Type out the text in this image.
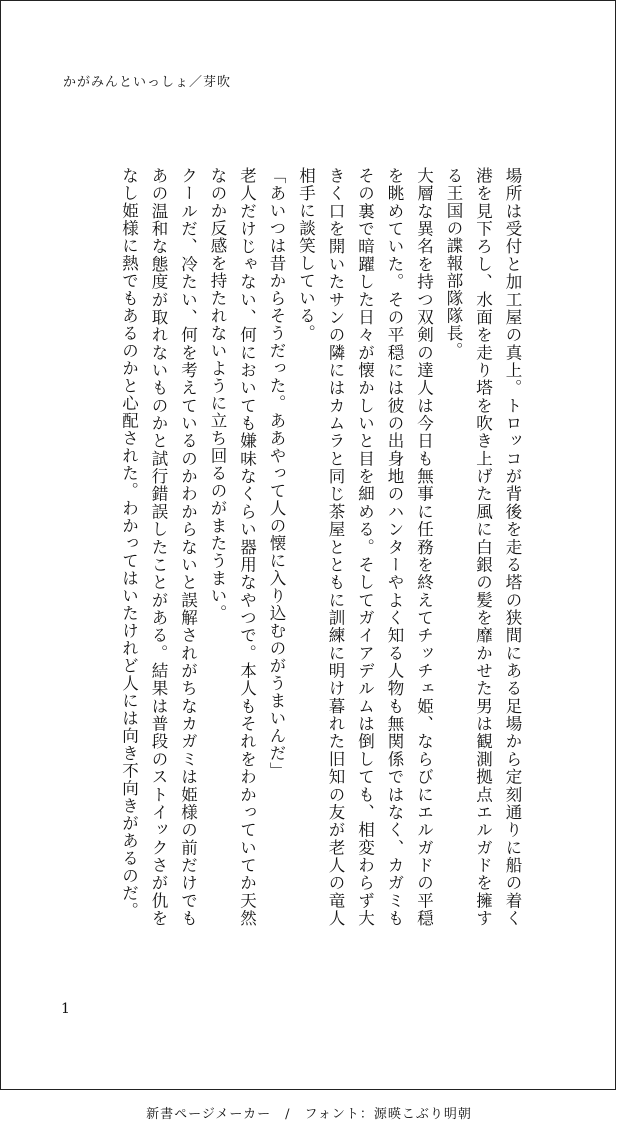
かがみんといっしょ／芽吹

場所は受付と加工屋の真上。トロッコが背後を走る塔の狭間にある足場から定刻通りに船の着く港を見下ろし、水面を走り塔を吹き上げた風に白銀の髪を靡かせた男は観測拠点エルガドを擁する王国の諜報部隊隊長。

大層な異名を持つ双剣の達人は今日も無事に任務を終えてチッチェ姫、ならびにエルガドの平穏を眺めていた。その平穏には彼の出身地のハンターやよく知る人物も無関係ではなく、カガミもその裏で暗躍した日々が懐かしいと目を細める。そしてガイアデルムは倒しても、相変わらず大きく口を開いたサンの隣にはカムラと同じ茶屋とともに訓練に明け暮れた旧知の友が老人の竜人相手に談笑している。

「あいつは昔からそうだった。ああやって人の懐に入り込むのがうまいんだ」

老人だけじゃない、何においても嫌味なくらい器用なやつで。本人もそれをわかっていてか天然なのか反感を持たれないように立ち回るのがまたうまい。

クールだ、冷たい、何を考えているのかわからないと誤解されがちなカガミは姫様の前だけでもあの温和な態度が取れないものかと試行錯誤したことがある。結果は普段のストイックさが仇をなし姫様に熱でもあるのかと心配された。わかってはいたけれど人には向き不向きがあるのだ。

1
新書ページメーカー　/　フォント：源暎こぶり明朝
